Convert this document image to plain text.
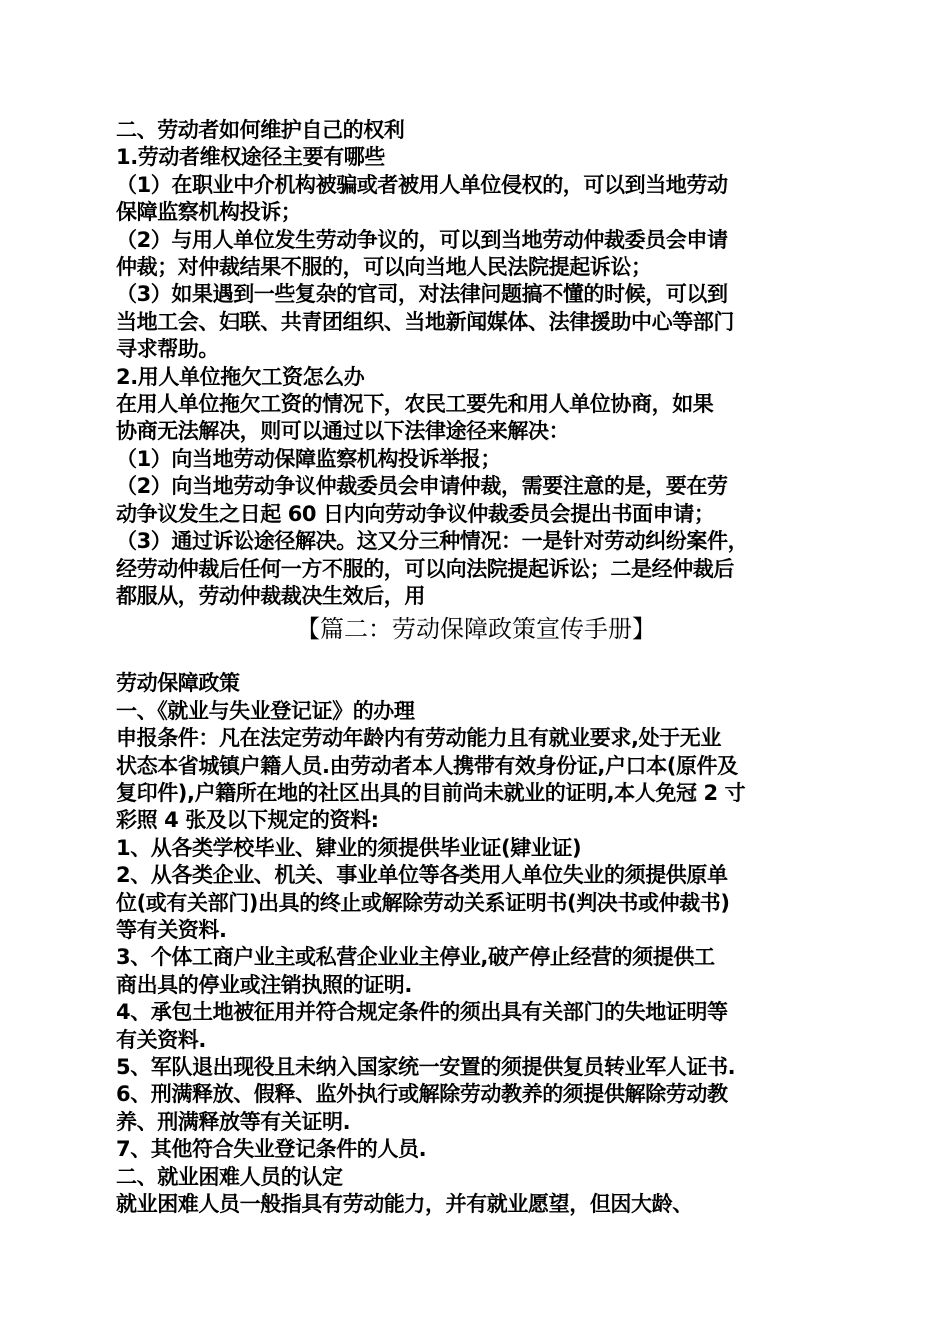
二、劳动者如何维护自己的权利
1.劳动者维权途径主要有哪些
（1）在职业中介机构被骗或者被用人单位侵权的，可以到当地劳动
保障监察机构投诉；
（2）与用人单位发生劳动争议的，可以到当地劳动仲裁委员会申请
仲裁；对仲裁结果不服的，可以向当地人民法院提起诉讼；
（3）如果遇到一些复杂的官司，对法律问题搞不懂的时候，可以到
当地工会、妇联、共青团组织、当地新闻媒体、法律援助中心等部门
寻求帮助。
2.用人单位拖欠工资怎么办
在用人单位拖欠工资的情况下，农民工要先和用人单位协商，如果
协商无法解决，则可以通过以下法律途径来解决：
（1）向当地劳动保障监察机构投诉举报；
（2）向当地劳动争议仲裁委员会申请仲裁，需要注意的是，要在劳
动争议发生之日起 60 日内向劳动争议仲裁委员会提出书面申请；
（3）通过诉讼途径解决。这又分三种情况：一是针对劳动纠纷案件，
经劳动仲裁后任何一方不服的，可以向法院提起诉讼；二是经仲裁后
都服从，劳动仲裁裁决生效后，用
【篇二：劳动保障政策宣传手册】
劳动保障政策
一、《就业与失业登记证》的办理
申报条件：凡在法定劳动年龄内有劳动能力且有就业要求,处于无业
状态本省城镇户籍人员.由劳动者本人携带有效身份证,户口本(原件及
复印件),户籍所在地的社区出具的目前尚未就业的证明,本人免冠 2 寸
彩照 4 张及以下规定的资料:
1、从各类学校毕业、肄业的须提供毕业证(肄业证)
2、从各类企业、机关、事业单位等各类用人单位失业的须提供原单
位(或有关部门)出具的终止或解除劳动关系证明书(判决书或仲裁书)
等有关资料.
3、个体工商户业主或私营企业业主停业,破产停止经营的须提供工
商出具的停业或注销执照的证明.
4、承包土地被征用并符合规定条件的须出具有关部门的失地证明等
有关资料.
5、军队退出现役且未纳入国家统一安置的须提供复员转业军人证书.
6、刑满释放、假释、监外执行或解除劳动教养的须提供解除劳动教
养、刑满释放等有关证明.
7、其他符合失业登记条件的人员.
二、就业困难人员的认定
就业困难人员一般指具有劳动能力，并有就业愿望，但因大龄、
